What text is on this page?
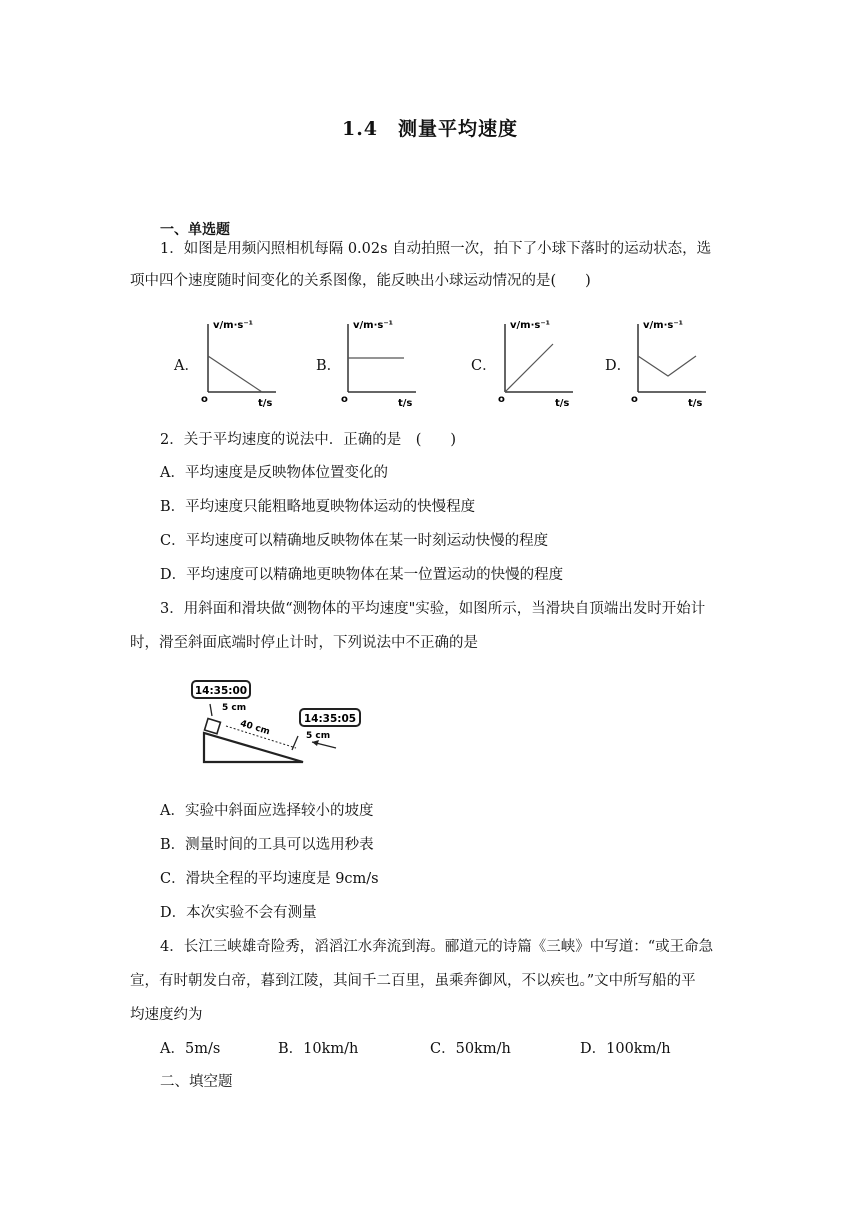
1.4　测量平均速度
一、单选题
1．如图是用频闪照相机每隔 0.02s 自动拍照一次，拍下了小球下落时的运动状态，选
项中四个速度随时间变化的关系图像，能反映出小球运动情况的是(　　)
A．	B．	C．	D．
v/m·s⁻¹
t/s
o
v/m·s⁻¹
t/s
o
v/m·s⁻¹
t/s
o
v/m·s⁻¹
t/s
o
2．关于平均速度的说法中．正确的是　(　　)
A．平均速度是反映物体位置变化的
B．平均速度只能粗略地夏映物体运动的快慢程度
C．平均速度可以精确地反映物体在某一时刻运动快慢的程度
D．平均速度可以精确地更映物体在某一位置运动的快慢的程度
3．用斜面和滑块做“测物体的平均速度"实验，如图所示，当滑块自顶端出发时开始计
时，滑至斜面底端时停止计时，下列说法中不正确的是
14:35:00
14:35:05
5 cm
40 cm	5 cm
A．实验中斜面应选择较小的坡度
B．测量时间的工具可以选用秒表
C．滑块全程的平均速度是 9cm/s
D．本次实验不会有测量
4．长江三峡雄奇险秀，滔滔江水奔流到海。郦道元的诗篇《三峡》中写道：“或王命急
宣，有时朝发白帝，暮到江陵，其间千二百里，虽乘奔御风，不以疾也。”文中所写船的平
均速度约为
A．5m/s	B．10km/h	C．50km/h	D．100km/h
二、填空题
